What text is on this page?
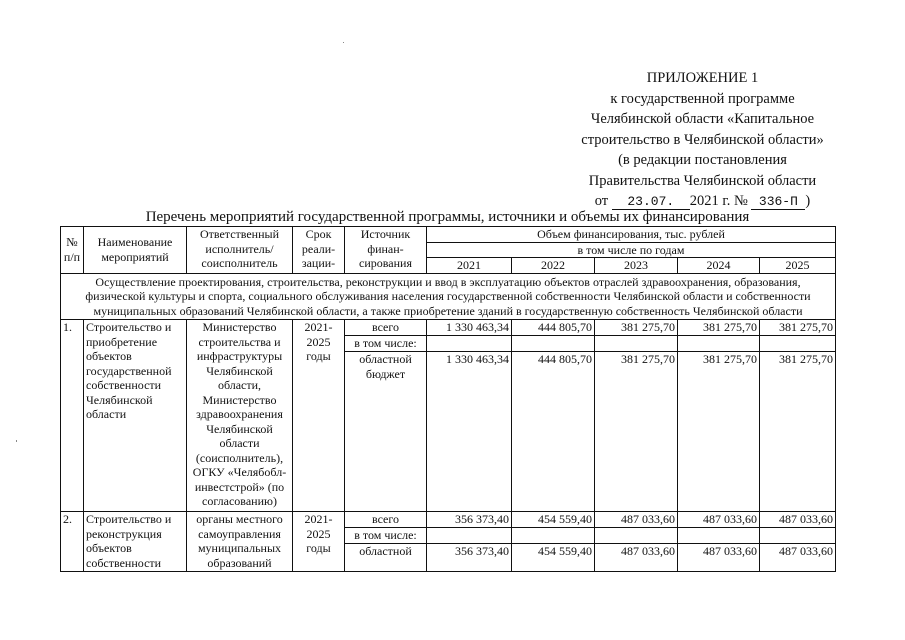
ПРИЛОЖЕНИЕ 1
к государственной программе
Челябинской области «Капитальное
строительство в Челябинской области»
(в редакции постановления
Правительства Челябинской области
от 23.07. 2021 г. № 336-П )
Перечень мероприятий государственной программы, источники и объемы их финансирования
№ п/п	Наименование мероприятий	Ответственный исполнитель/ соисполнитель	Срок реали- зации-	Источник финан- сирования	Объем финансирования, тыс. рублей				
					в том числе по годам				
					2021	2022	2023	2024	2025
Осуществление проектирования, строительства, реконструкции и ввод в эксплуатацию объектов отраслей здравоохранения, образования, физической культуры и спорта, социального обслуживания населения государственной собственности Челябинской области и собственности муниципальных образований Челябинской области, а также приобретение зданий в государственную собственность Челябинской области									
1.	Строительство и приобретение объектов государственной собственности Челябинской области	Министерство строительства и инфраструктуры Челябинской области, Министерство здравоохранения Челябинской области (соисполнитель), ОГКУ «Челябобл- инвестстрой» (по согласованию)	2021- 2025 годы	всего	1 330 463,34	444 805,70	381 275,70	381 275,70	381 275,70
				в том числе:					
				областной бюджет	1 330 463,34	444 805,70	381 275,70	381 275,70	381 275,70
2.	Строительство и реконструкция объектов собственности	органы местного самоуправления муниципальных образований	2021- 2025 годы	всего	356 373,40	454 559,40	487 033,60	487 033,60	487 033,60
				в том числе:					
				областной	356 373,40	454 559,40	487 033,60	487 033,60	487 033,60
